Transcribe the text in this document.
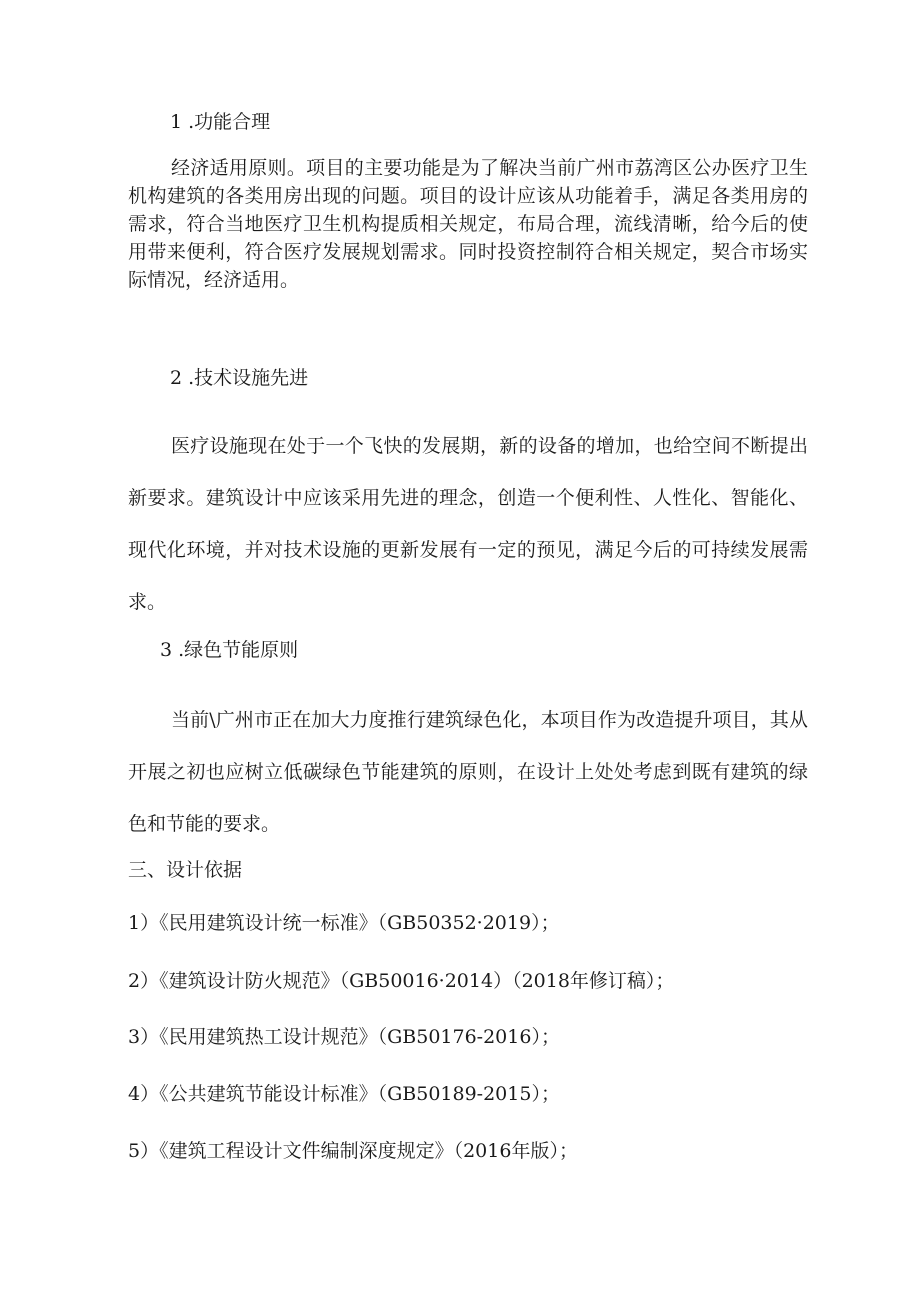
1 .功能合理
经济适用原则。项目的主要功能是为了解决当前广州市荔湾区公办医疗卫生机构建筑的各类用房出现的问题。项目的设计应该从功能着手，满足各类用房的需求，符合当地医疗卫生机构提质相关规定，布局合理，流线清晰，给今后的使用带来便利，符合医疗发展规划需求。同时投资控制符合相关规定，契合市场实际情况，经济适用。
2 .技术设施先进
医疗设施现在处于一个飞快的发展期，新的设备的增加，也给空间不断提出新要求。建筑设计中应该采用先进的理念，创造一个便利性、人性化、智能化、现代化环境，并对技术设施的更新发展有一定的预见，满足今后的可持续发展需求。
3 .绿色节能原则
当前\广州市正在加大力度推行建筑绿色化，本项目作为改造提升项目，其从开展之初也应树立低碳绿色节能建筑的原则，在设计上处处考虑到既有建筑的绿色和节能的要求。
三、设计依据
1）《民用建筑设计统一标准》（GB50352·2019）；
2）《建筑设计防火规范》（GB50016·2014）（2018年修订稿）；
3）《民用建筑热工设计规范》（GB50176-2016）；
4）《公共建筑节能设计标准》（GB50189-2015）；
5）《建筑工程设计文件编制深度规定》（2016年版）；
